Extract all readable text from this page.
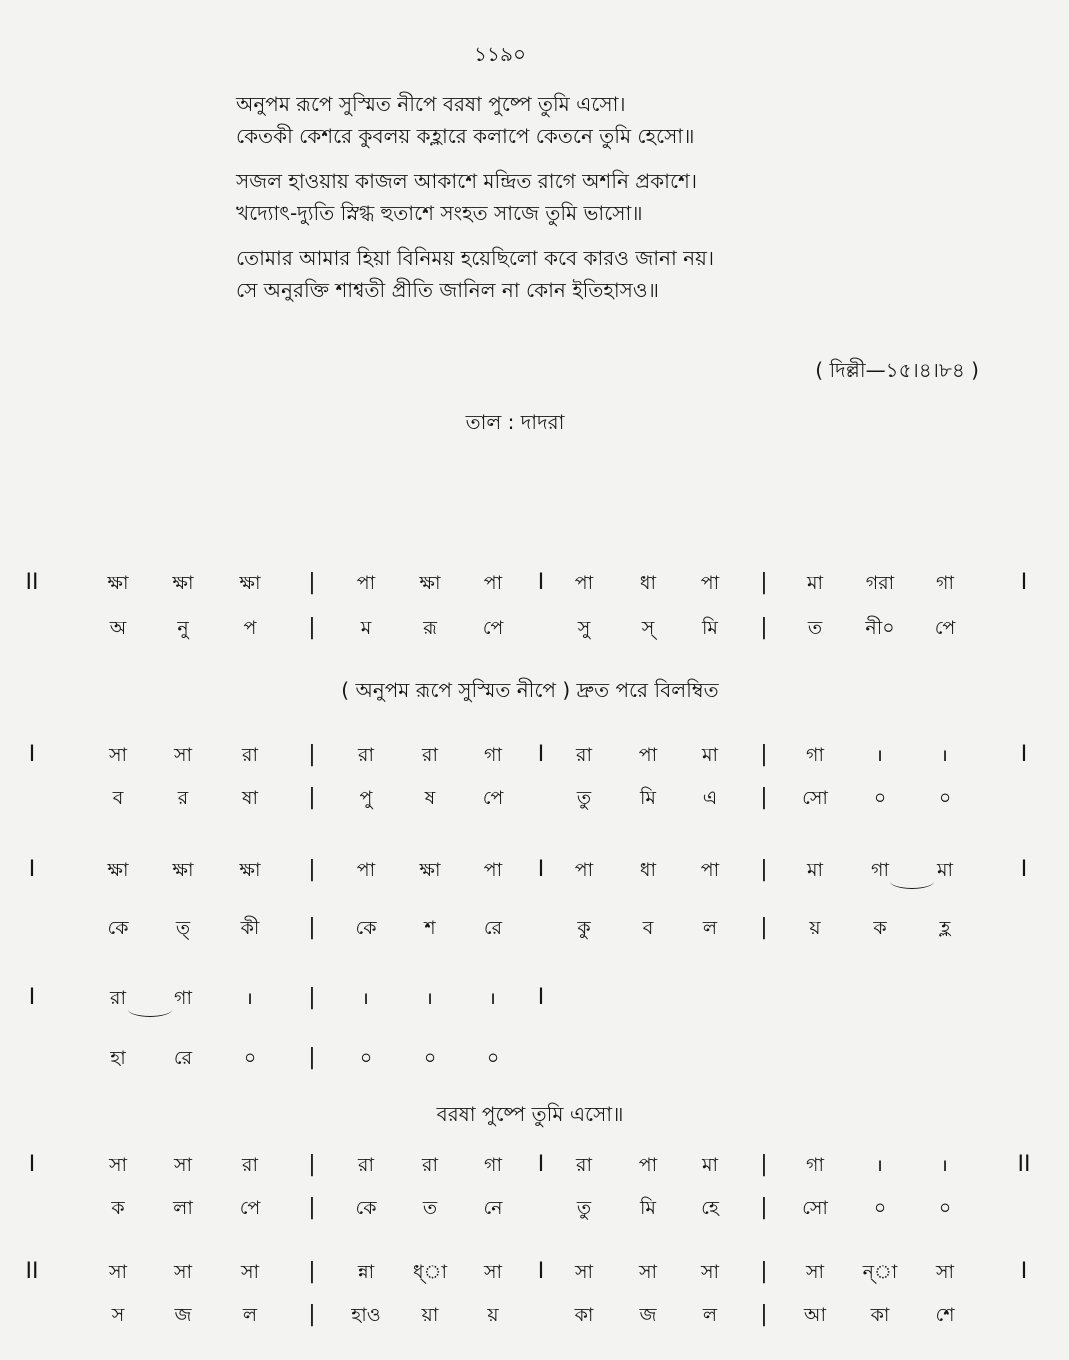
১১৯০
অনুপম রূপে সুস্মিত নীপে বরষা পুষ্পে তুমি এসো।
কেতকী কেশরে কুবলয় কহ্লারে কলাপে কেতনে তুমি হেসো॥
সজল হাওয়ায় কাজল আকাশে মন্দ্রিত রাগে অশনি প্রকাশে।
খদ্যোৎ-দ্যুতি স্নিগ্ধ হুতাশে সংহত সাজে তুমি ভাসো॥
তোমার আমার হিয়া বিনিময় হয়েছিলো কবে কারও জানা নয়।
সে অনুরক্তি শাশ্বতী প্রীতি জানিল না কোন ইতিহাসও॥
( দিল্লী—১৫।৪।৮৪ )
তাল : দাদরা
II	ক্ষা	ক্ষা	ক্ষা	|	পা	ক্ষা	পা	I	পা	ধা	পা	|	মা	গরা	গা	I
অ	নু	প	|	ম	রূ	পে	সু	স্	মি	|	ত	নী০	পে
( অনুপম রূপে সুস্মিত নীপে ) দ্রুত পরে বিলম্বিত
I	সা	সা	রা	|	রা	রা	গা	I	রা	পা	মা	|	গা	ı	ı	I
ব	র	ষা	|	পু	ষ	পে	তু	মি	এ	|	সো	০	০
I	ক্ষা	ক্ষা	ক্ষা	|	পা	ক্ষা	পা	I	পা	ধা	পা	|	মা	গা	মা	I
কে	ত্	কী	|	কে	শ	রে	কু	ব	ল	|	য়	ক	হ্ল
I	রা	গা	ı	|	ı	ı	ı	I
হা	রে	০	|	০	০	০
বরষা পুষ্পে তুমি এসো॥
I	সা	সা	রা	|	রা	রা	গা	I	রা	পা	মা	|	গা	ı	ı	II
ক	লা	পে	|	কে	ত	নে	তু	মি	হে	|	সো	০	০
II	সা	সা	সা	|	ন্না	ধ্া	সা	I	সা	সা	সা	|	সা	ন্া	সা	I
স	জ	ল	|	হাও	য়া	য়	কা	জ	ল	|	আ	কা	শে
